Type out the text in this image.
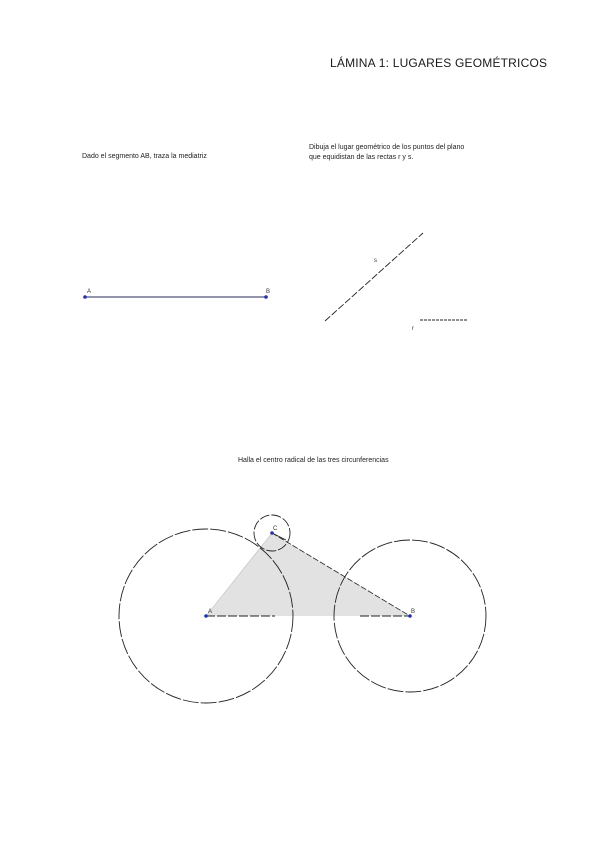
LÁMINA 1: LUGARES GEOMÉTRICOS
Dado el segmento AB, traza la mediatriz
Dibuja el lugar geométrico de los puntos del plano
que equidistan de las rectas r y s.
Halla el centro radical de las tres circunferencias
A	B
s
r
A	B
C
